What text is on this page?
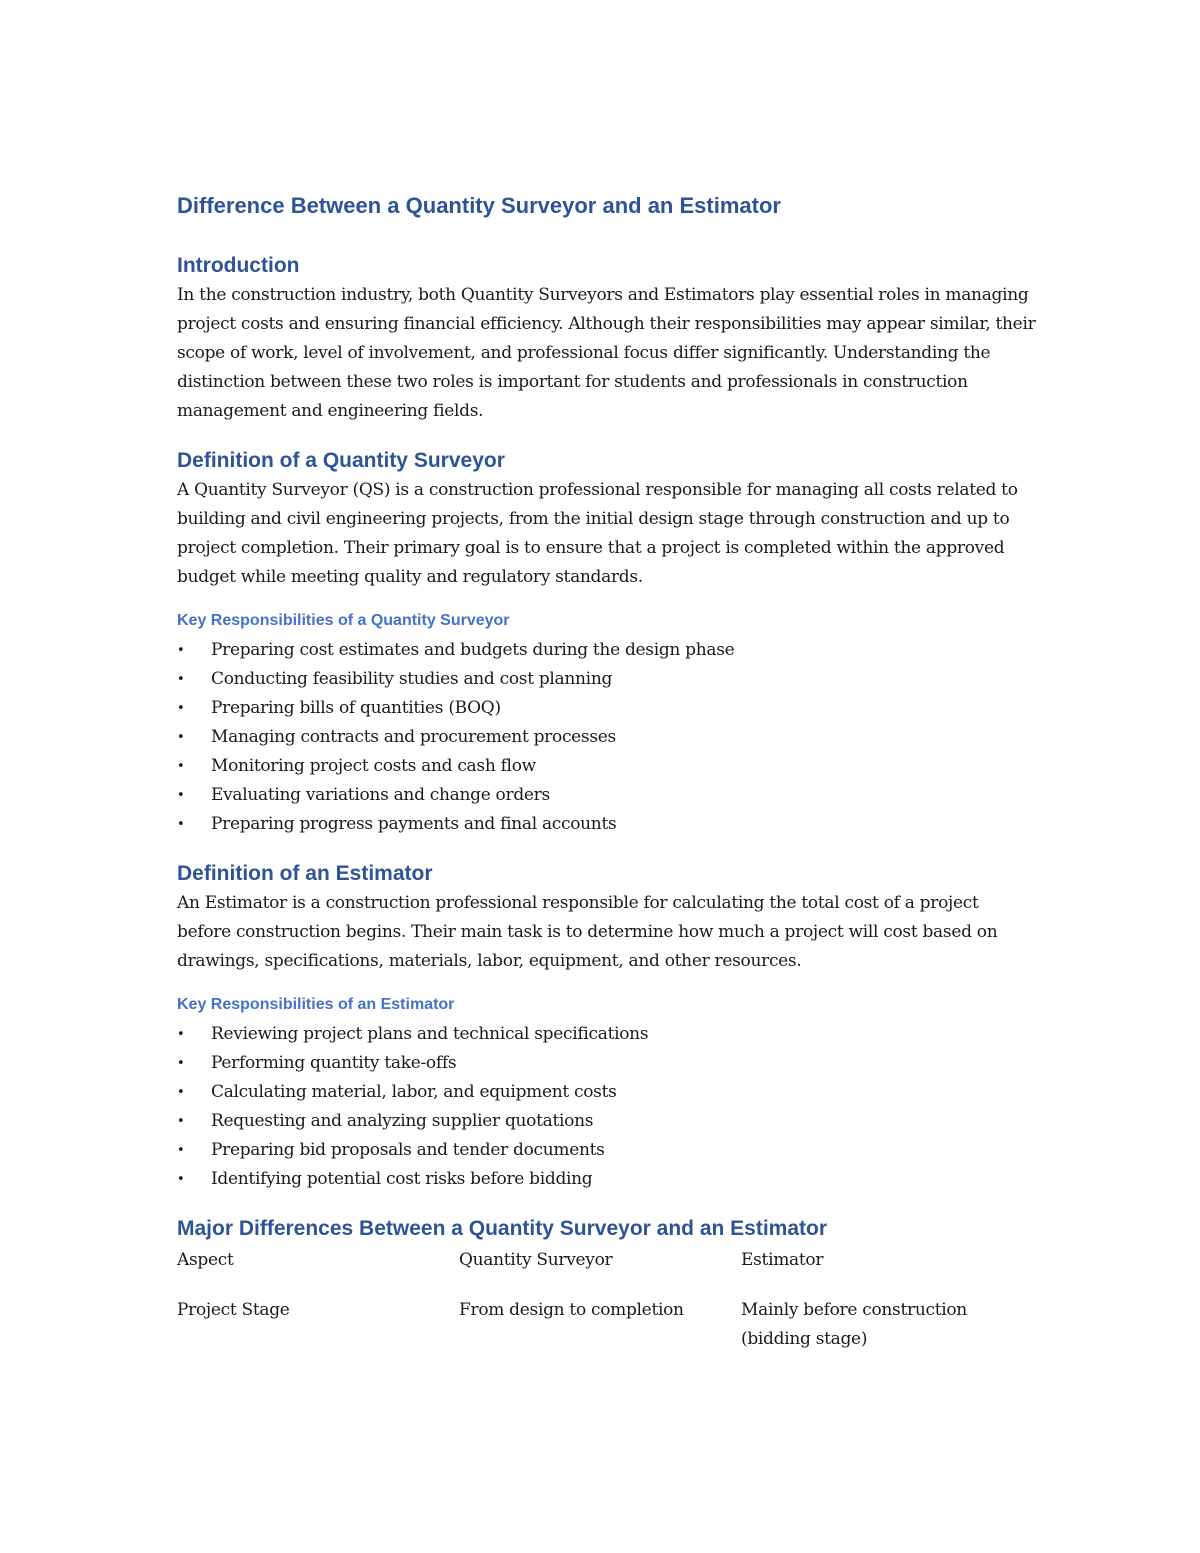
Difference Between a Quantity Surveyor and an Estimator
Introduction

In the construction industry, both Quantity Surveyors and Estimators play essential roles in managing project costs and ensuring financial efficiency. Although their responsibilities may appear similar, their scope of work, level of involvement, and professional focus differ significantly. Understanding the distinction between these two roles is important for students and professionals in construction management and engineering fields.

Definition of a Quantity Surveyor

A Quantity Surveyor (QS) is a construction professional responsible for managing all costs related to building and civil engineering projects, from the initial design stage through construction and up to project completion. Their primary goal is to ensure that a project is completed within the approved budget while meeting quality and regulatory standards.

Key Responsibilities of a Quantity Surveyor
• Preparing cost estimates and budgets during the design phase
• Conducting feasibility studies and cost planning
• Preparing bills of quantities (BOQ)
• Managing contracts and procurement processes
• Monitoring project costs and cash flow
• Evaluating variations and change orders
• Preparing progress payments and final accounts
Definition of an Estimator

An Estimator is a construction professional responsible for calculating the total cost of a project before construction begins. Their main task is to determine how much a project will cost based on drawings, specifications, materials, labor, equipment, and other resources.

Key Responsibilities of an Estimator
• Reviewing project plans and technical specifications
• Performing quantity take-offs
• Calculating material, labor, and equipment costs
• Requesting and analyzing supplier quotations
• Preparing bid proposals and tender documents
• Identifying potential cost risks before bidding
Major Differences Between a Quantity Surveyor and an Estimator
Aspect	Quantity Surveyor	Estimator
Project Stage	From design to completion	Mainly before construction (bidding stage)
